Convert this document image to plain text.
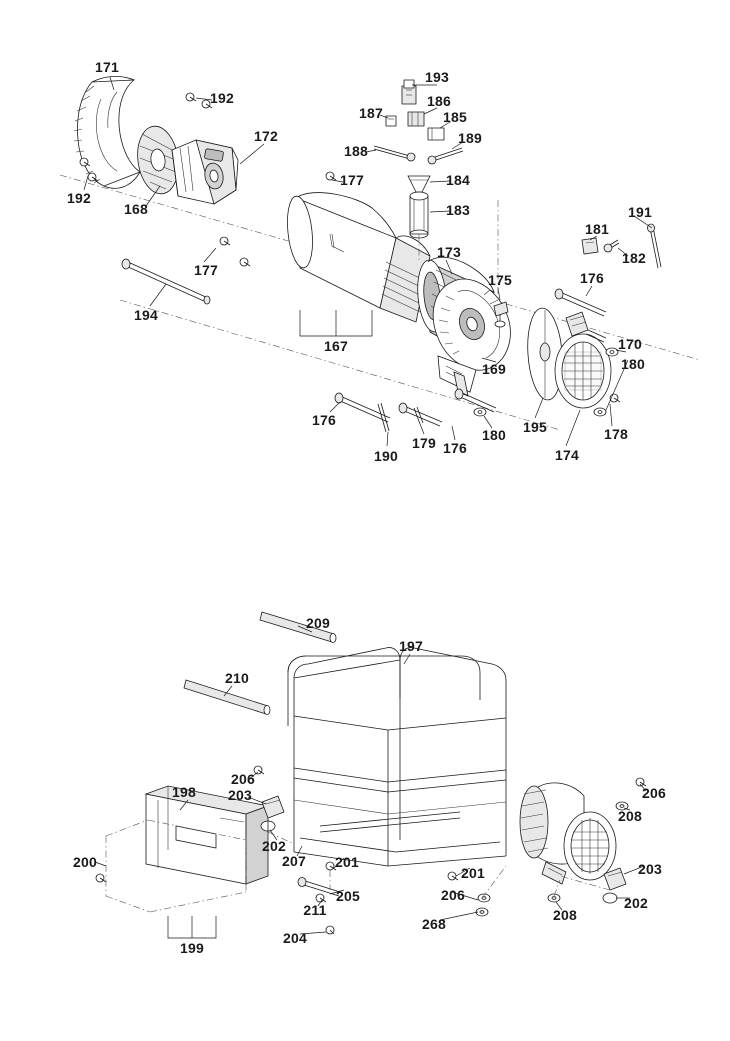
171
192
193
186
187	185
189
188
172
177	184
183
168
192
191
181
182
176
173
175
177
194
167	170
180
169
195	178
174
180
176
179
190
176
209
197
210
198
206
203	206
208
202
200	207 201
201	203
202
205	206
208
211
268
204
199
